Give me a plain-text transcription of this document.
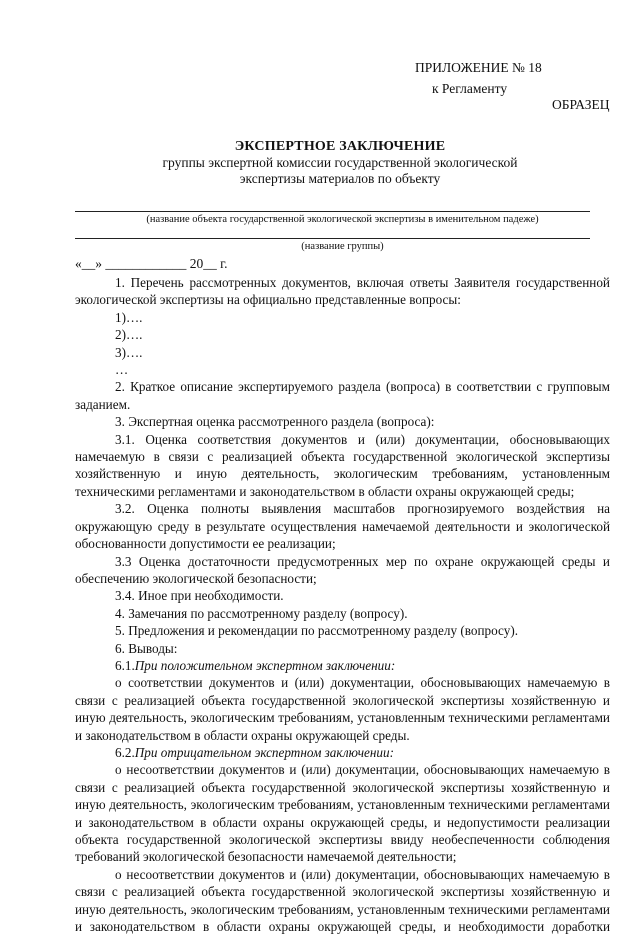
ПРИЛОЖЕНИЕ № 18
к Регламенту
ОБРАЗЕЦ
ЭКСПЕРТНОЕ ЗАКЛЮЧЕНИЕ
группы экспертной комиссии государственной экологической
экспертизы материалов по объекту
(название объекта государственной экологической экспертизы в именительном падеже)
(название группы)
«__» ____________ 20__ г.

1. Перечень рассмотренных документов, включая ответы Заявителя государственной экологической экспертизы на официально представленные вопросы:

1)….

2)….

3)….

…

2. Краткое описание экспертируемого раздела (вопроса) в соответствии с групповым заданием.

3. Экспертная оценка рассмотренного раздела (вопроса):

3.1. Оценка соответствия документов и (или) документации, обосновывающих намечаемую в связи с реализацией объекта государственной экологической экспертизы хозяйственную и иную деятельность, экологическим требованиям, установленным техническими регламентами и законодательством в области охраны окружающей среды;

3.2. Оценка полноты выявления масштабов прогнозируемого воздействия на окружающую среду в результате осуществления намечаемой деятельности и экологической обоснованности допустимости ее реализации;

3.3 Оценка достаточности предусмотренных мер по охране окружающей среды и обеспечению экологической безопасности;

3.4. Иное при необходимости.

4. Замечания по рассмотренному разделу (вопросу).

5. Предложения и рекомендации по рассмотренному разделу (вопросу).

6. Выводы:

6.1.При положительном экспертном заключении:

о соответствии документов и (или) документации, обосновывающих намечаемую в связи с реализацией объекта государственной экологической экспертизы хозяйственную и иную деятельность, экологическим требованиям, установленным техническими регламентами и законодательством в области охраны окружающей среды.

6.2.При отрицательном экспертном заключении:

о несоответствии документов и (или) документации, обосновывающих намечаемую в связи с реализацией объекта государственной экологической экспертизы хозяйственную и иную деятельность, экологическим требованиям, установленным техническими регламентами и законодательством в области охраны окружающей среды, и недопустимости реализации объекта государственной экологической экспертизы ввиду необеспеченности соблюдения требований экологической безопасности намечаемой деятельности;

о несоответствии документов и (или) документации, обосновывающих намечаемую в связи с реализацией объекта государственной экологической экспертизы хозяйственную и иную деятельность, экологическим требованиям, установленным техническими регламентами и законодательством в области охраны окружающей среды, и необходимости доработки
